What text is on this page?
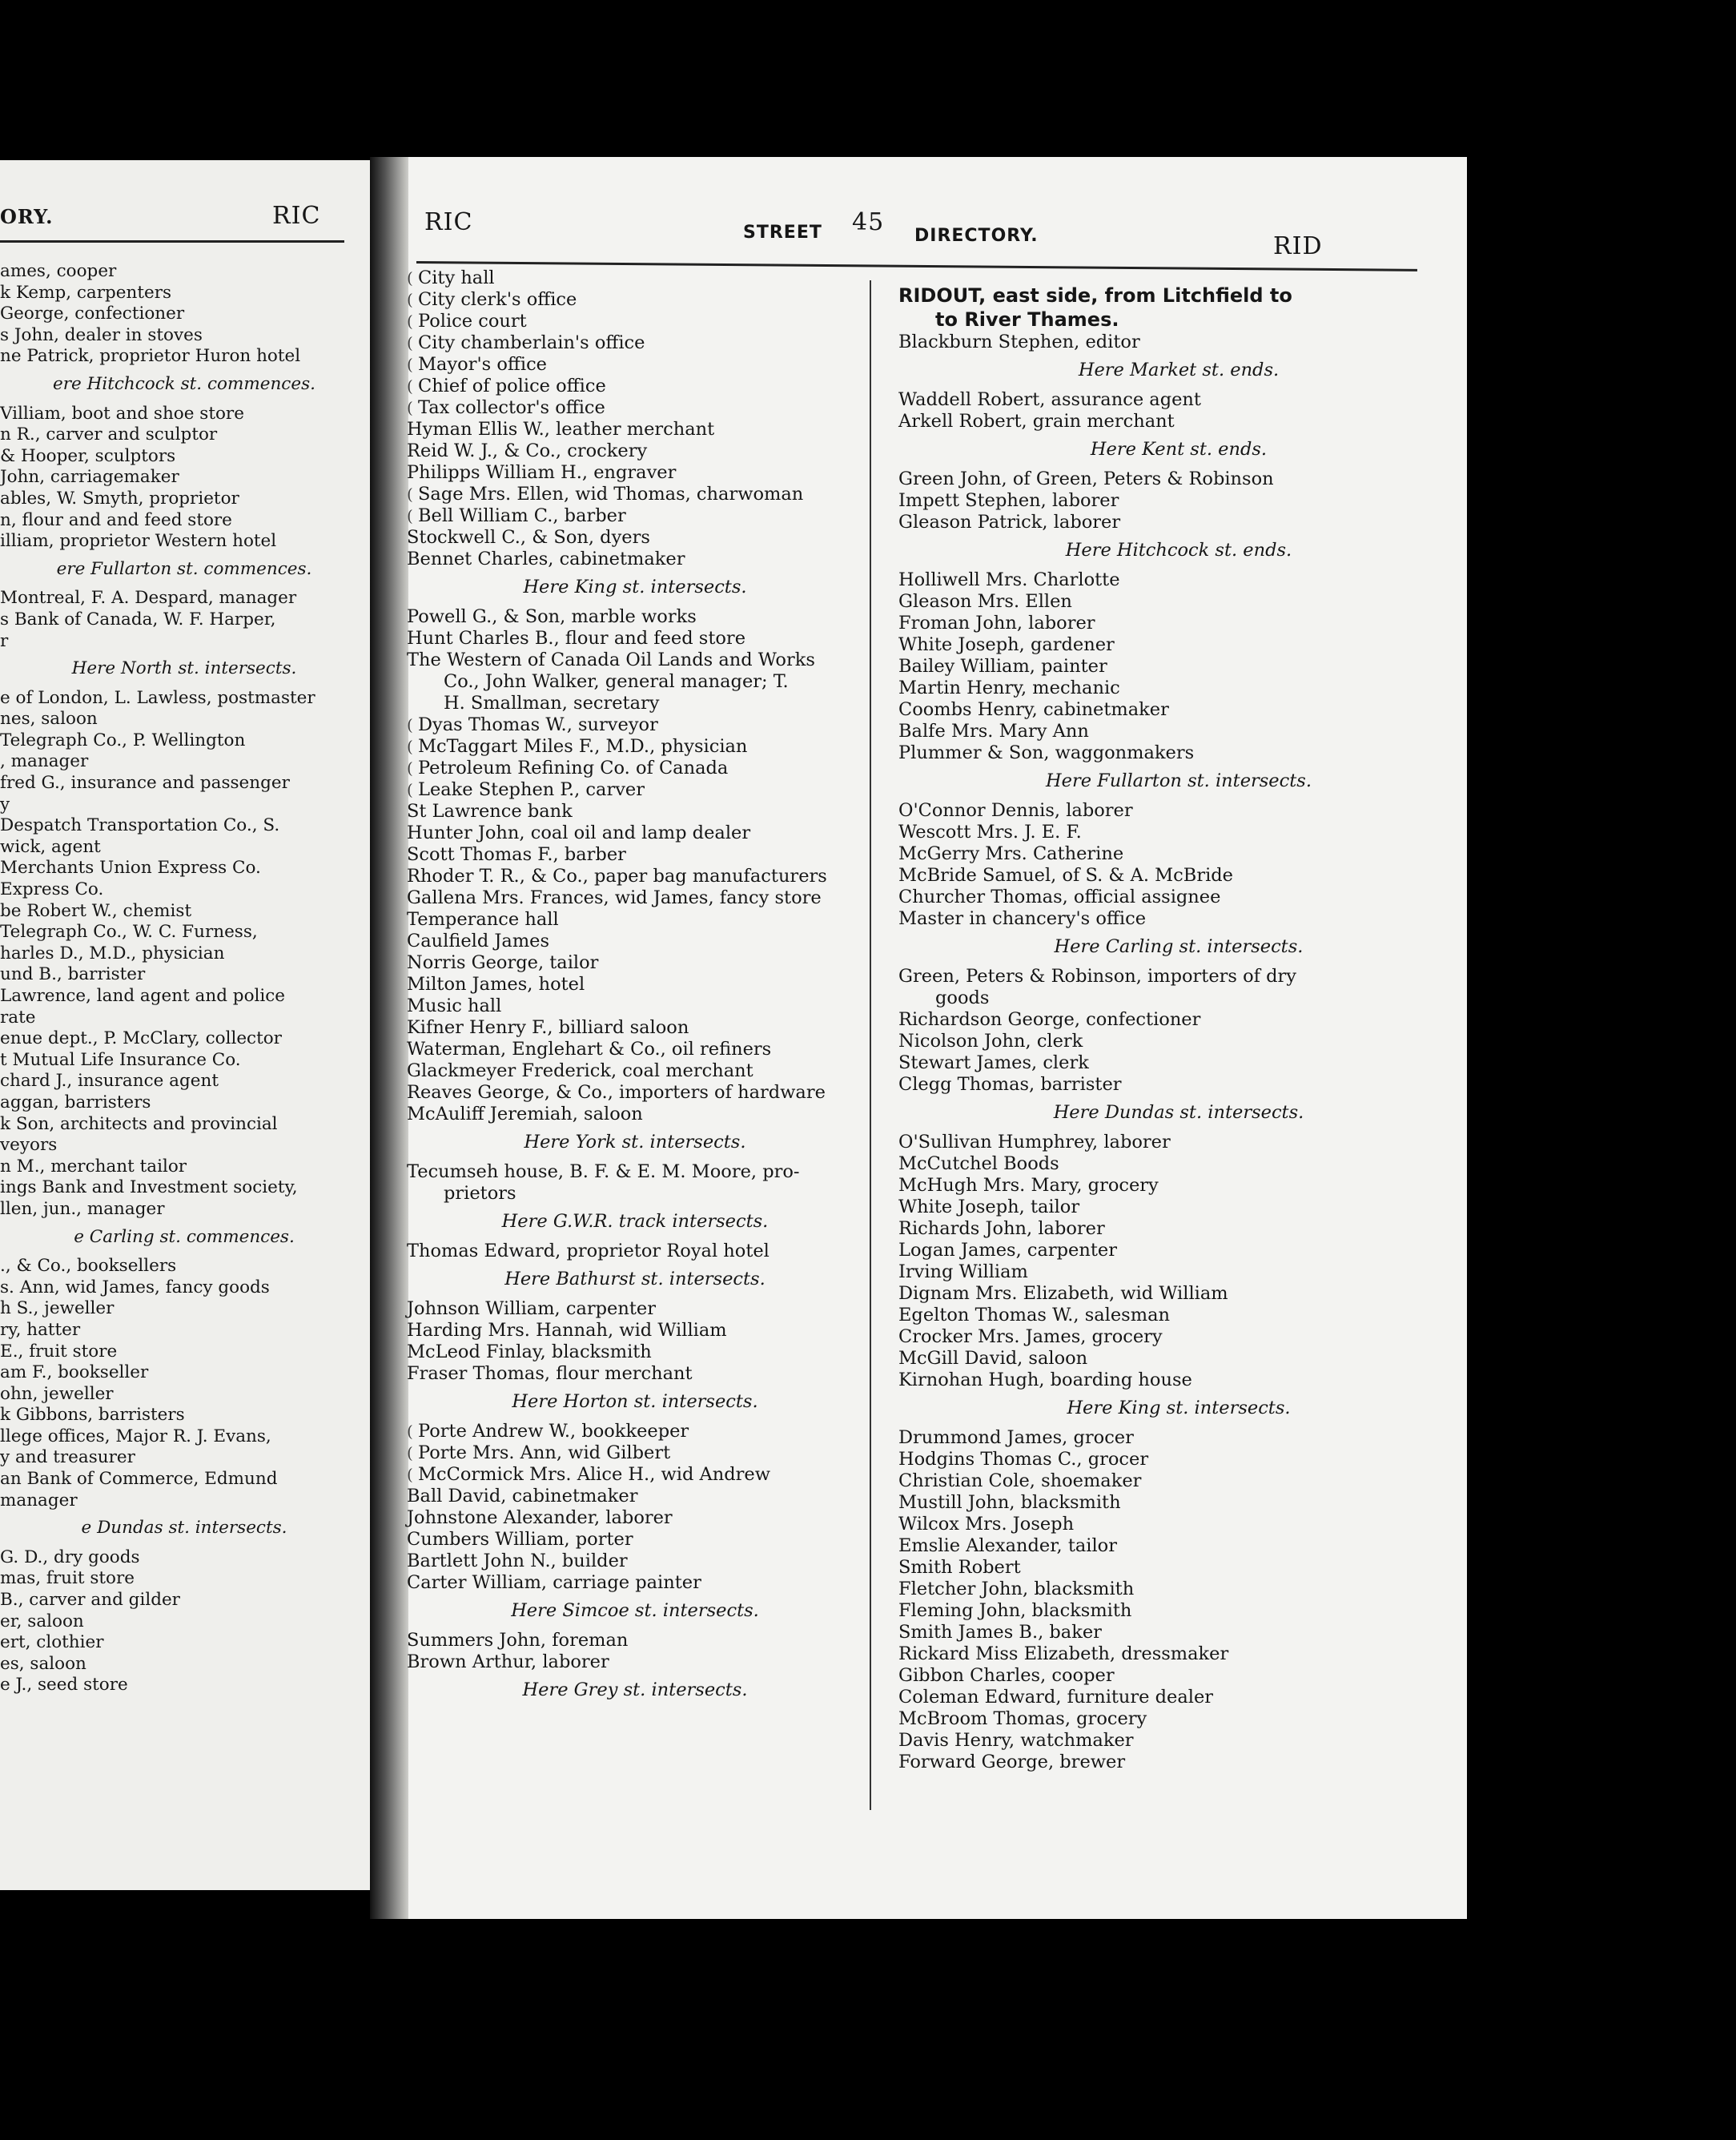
ORY.	RIC
ames, cooper
k Kemp, carpenters
George, confectioner
s John, dealer in stoves
ne Patrick, proprietor Huron hotel
ere Hitchcock st. commences.
Villiam, boot and shoe store
n R., carver and sculptor
& Hooper, sculptors
John, carriagemaker
ables, W. Smyth, proprietor
n, flour and and feed store
illiam, proprietor Western hotel
ere Fullarton st. commences.
Montreal, F. A. Despard, manager
s Bank of Canada, W. F. Harper,
r
Here North st. intersects.
e of London, L. Lawless, postmaster
nes, saloon
Telegraph Co., P. Wellington
, manager
fred G., insurance and passenger
y
Despatch Transportation Co., S.
wick, agent
Merchants Union Express Co.
Express Co.
be Robert W., chemist
Telegraph Co., W. C. Furness,
harles D., M.D., physician
und B., barrister
Lawrence, land agent and police
rate
enue dept., P. McClary, collector
t Mutual Life Insurance Co.
chard J., insurance agent
aggan, barristers
k Son, architects and provincial
veyors
n M., merchant tailor
ings Bank and Investment society,
llen, jun., manager
e Carling st. commences.
., & Co., booksellers
s. Ann, wid James, fancy goods
h S., jeweller
ry, hatter
E., fruit store
am F., bookseller
ohn, jeweller
k Gibbons, barristers
llege offices, Major R. J. Evans,
y and treasurer
an Bank of Commerce, Edmund
manager
e Dundas st. intersects.
G. D., dry goods
mas, fruit store
B., carver and gilder
er, saloon
ert, clothier
es, saloon
e J., seed store
RIC	STREET 45 DIRECTORY.	RID
( City hall
( City clerk's office
( Police court
( City chamberlain's office
( Mayor's office
( Chief of police office
( Tax collector's office
Hyman Ellis W., leather merchant
Reid W. J., & Co., crockery
Philipps William H., engraver
( Sage Mrs. Ellen, wid Thomas, charwoman
( Bell William C., barber
Stockwell C., & Son, dyers
Bennet Charles, cabinetmaker
Here King st. intersects.
Powell G., & Son, marble works
Hunt Charles B., flour and feed store
The Western of Canada Oil Lands and Works
Co., John Walker, general manager; T.
H. Smallman, secretary
( Dyas Thomas W., surveyor
( McTaggart Miles F., M.D., physician
( Petroleum Refining Co. of Canada
( Leake Stephen P., carver
St Lawrence bank
Hunter John, coal oil and lamp dealer
Scott Thomas F., barber
Rhoder T. R., & Co., paper bag manufacturers
Gallena Mrs. Frances, wid James, fancy store
Temperance hall
Caulfield James
Norris George, tailor
Milton James, hotel
Music hall
Kifner Henry F., billiard saloon
Waterman, Englehart & Co., oil refiners
Glackmeyer Frederick, coal merchant
Reaves George, & Co., importers of hardware
McAuliff Jeremiah, saloon
Here York st. intersects.
Tecumseh house, B. F. & E. M. Moore, pro-
prietors
Here G.W.R. track intersects.
Thomas Edward, proprietor Royal hotel
Here Bathurst st. intersects.
Johnson William, carpenter
Harding Mrs. Hannah, wid William
McLeod Finlay, blacksmith
Fraser Thomas, flour merchant
Here Horton st. intersects.
( Porte Andrew W., bookkeeper
( Porte Mrs. Ann, wid Gilbert
( McCormick Mrs. Alice H., wid Andrew
Ball David, cabinetmaker
Johnstone Alexander, laborer
Cumbers William, porter
Bartlett John N., builder
Carter William, carriage painter
Here Simcoe st. intersects.
Summers John, foreman
Brown Arthur, laborer
Here Grey st. intersects.
RIDOUT, east side, from Litchfield to
to River Thames.
Blackburn Stephen, editor
Here Market st. ends.
Waddell Robert, assurance agent
Arkell Robert, grain merchant
Here Kent st. ends.
Green John, of Green, Peters & Robinson
Impett Stephen, laborer
Gleason Patrick, laborer
Here Hitchcock st. ends.
Holliwell Mrs. Charlotte
Gleason Mrs. Ellen
Froman John, laborer
White Joseph, gardener
Bailey William, painter
Martin Henry, mechanic
Coombs Henry, cabinetmaker
Balfe Mrs. Mary Ann
Plummer & Son, waggonmakers
Here Fullarton st. intersects.
O'Connor Dennis, laborer
Wescott Mrs. J. E. F.
McGerry Mrs. Catherine
McBride Samuel, of S. & A. McBride
Churcher Thomas, official assignee
Master in chancery's office
Here Carling st. intersects.
Green, Peters & Robinson, importers of dry
goods
Richardson George, confectioner
Nicolson John, clerk
Stewart James, clerk
Clegg Thomas, barrister
Here Dundas st. intersects.
O'Sullivan Humphrey, laborer
McCutchel Boods
McHugh Mrs. Mary, grocery
White Joseph, tailor
Richards John, laborer
Logan James, carpenter
Irving William
Dignam Mrs. Elizabeth, wid William
Egelton Thomas W., salesman
Crocker Mrs. James, grocery
McGill David, saloon
Kirnohan Hugh, boarding house
Here King st. intersects.
Drummond James, grocer
Hodgins Thomas C., grocer
Christian Cole, shoemaker
Mustill John, blacksmith
Wilcox Mrs. Joseph
Emslie Alexander, tailor
Smith Robert
Fletcher John, blacksmith
Fleming John, blacksmith
Smith James B., baker
Rickard Miss Elizabeth, dressmaker
Gibbon Charles, cooper
Coleman Edward, furniture dealer
McBroom Thomas, grocery
Davis Henry, watchmaker
Forward George, brewer
